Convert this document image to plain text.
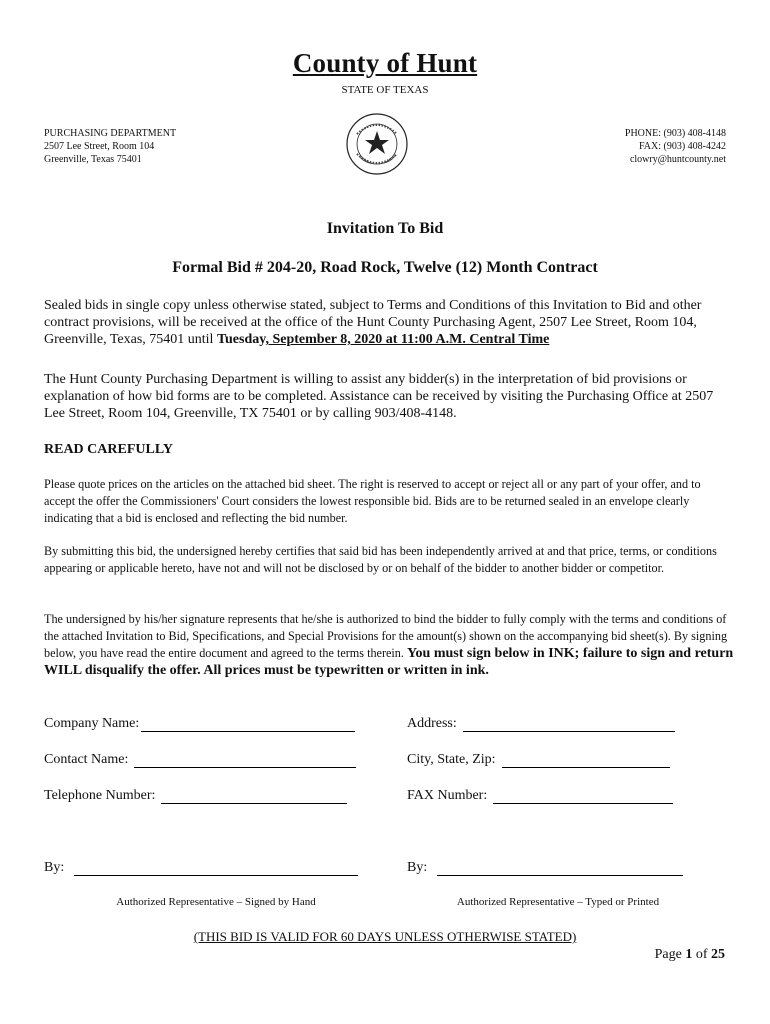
County of Hunt
STATE OF TEXAS
PURCHASING DEPARTMENT
2507 Lee Street, Room 104
Greenville, Texas 75401
PHONE: (903) 408-4148
FAX: (903) 408-4242
clowry@huntcounty.net
Invitation To Bid
Formal Bid # 204-20, Road Rock, Twelve (12) Month Contract
Sealed bids in single copy unless otherwise stated, subject to Terms and Conditions of this Invitation to Bid and other contract provisions, will be received at the office of the Hunt County Purchasing Agent, 2507 Lee Street, Room 104, Greenville, Texas, 75401 until Tuesday, September 8, 2020 at 11:00 A.M. Central Time
The Hunt County Purchasing Department is willing to assist any bidder(s) in the interpretation of bid provisions or explanation of how bid forms are to be completed. Assistance can be received by visiting the Purchasing Office at 2507 Lee Street, Room 104, Greenville, TX 75401 or by calling 903/408-4148.
READ CAREFULLY
Please quote prices on the articles on the attached bid sheet. The right is reserved to accept or reject all or any part of your offer, and to accept the offer the Commissioners' Court considers the lowest responsible bid. Bids are to be returned sealed in an envelope clearly indicating that a bid is enclosed and reflecting the bid number.
By submitting this bid, the undersigned hereby certifies that said bid has been independently arrived at and that price, terms, or conditions appearing or applicable hereto, have not and will not be disclosed by or on behalf of the bidder to another bidder or competitor.
The undersigned by his/her signature represents that he/she is authorized to bind the bidder to fully comply with the terms and conditions of the attached Invitation to Bid, Specifications, and Special Provisions for the amount(s) shown on the accompanying bid sheet(s). By signing below, you have read the entire document and agreed to the terms therein. You must sign below in INK; failure to sign and return WILL disqualify the offer. All prices must be typewritten or written in ink.
Company Name:	Address:
Contact Name:	City, State, Zip:
Telephone Number:	FAX Number:
By:	By:
Authorized Representative – Signed by Hand	Authorized Representative – Typed or Printed
(THIS BID IS VALID FOR 60 DAYS UNLESS OTHERWISE STATED)
Page 1 of 25
